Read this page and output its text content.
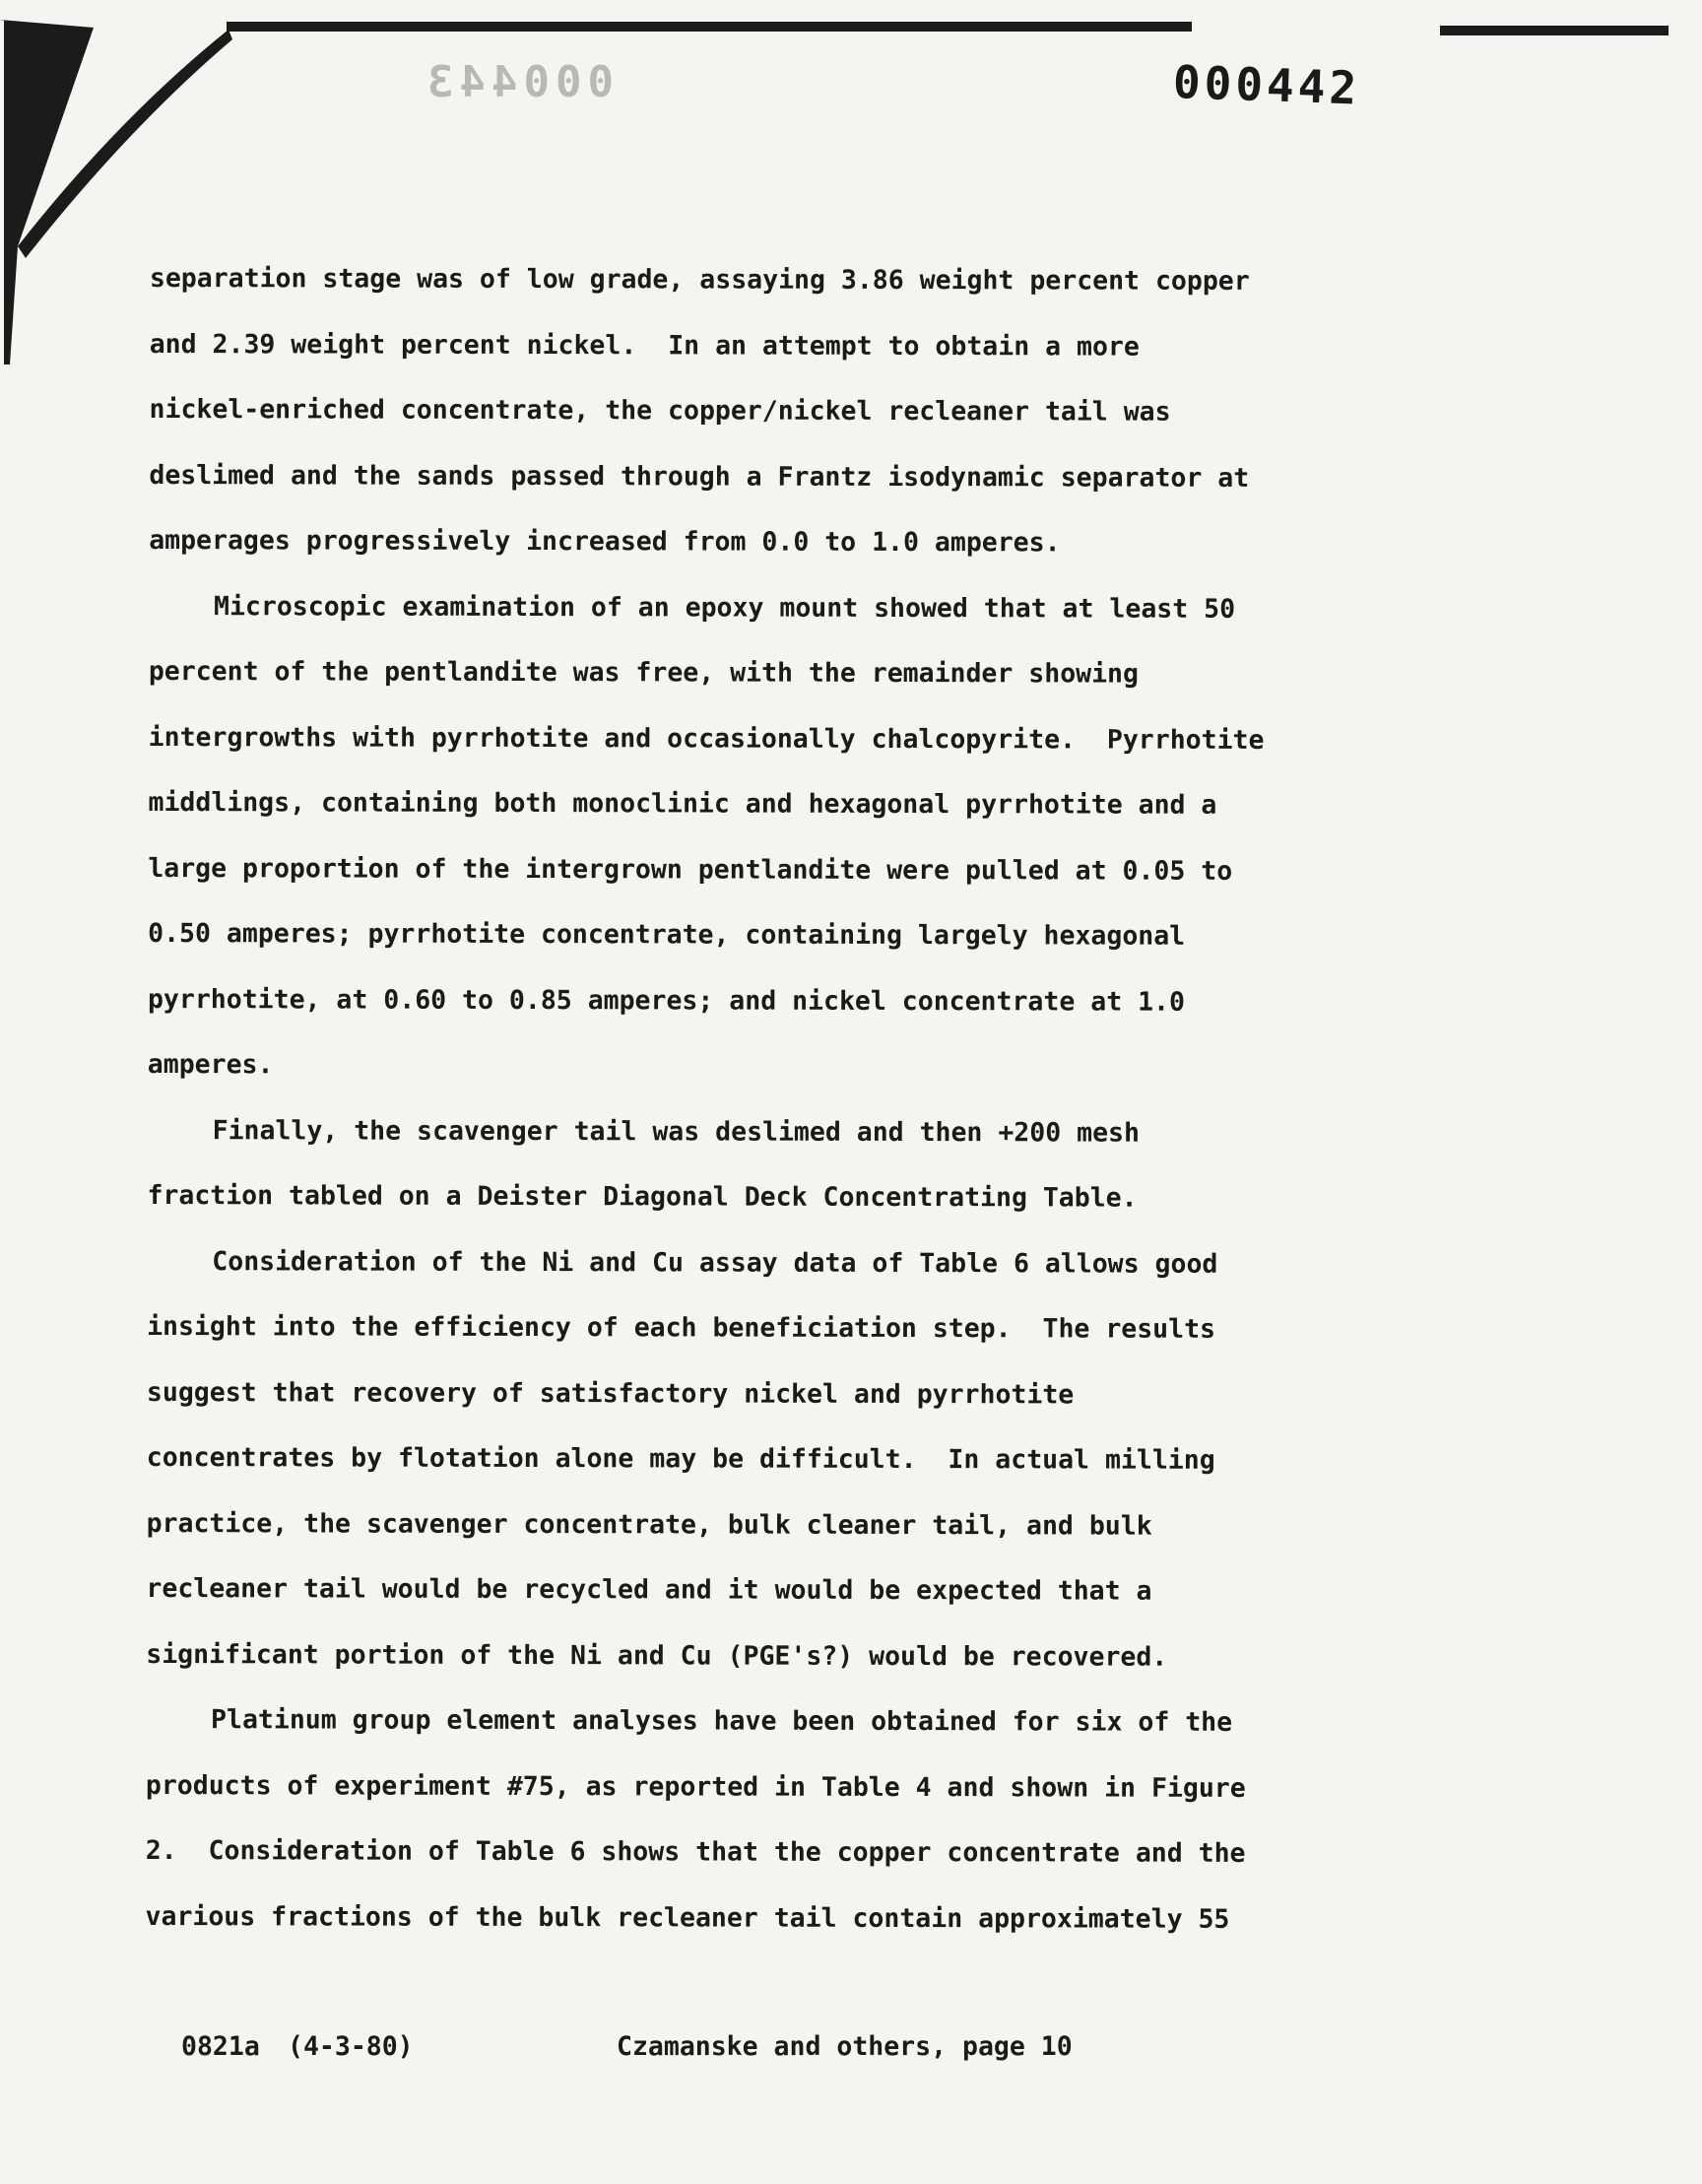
000443	000442

separation stage was of low grade, assaying 3.86 weight percent copper
and 2.39 weight percent nickel.  In an attempt to obtain a more
nickel-enriched concentrate, the copper/nickel recleaner tail was
deslimed and the sands passed through a Frantz isodynamic separator at
amperages progressively increased from 0.0 to 1.0 amperes.

Microscopic examination of an epoxy mount showed that at least 50
percent of the pentlandite was free, with the remainder showing
intergrowths with pyrrhotite and occasionally chalcopyrite.  Pyrrhotite
middlings, containing both monoclinic and hexagonal pyrrhotite and a
large proportion of the intergrown pentlandite were pulled at 0.05 to
0.50 amperes; pyrrhotite concentrate, containing largely hexagonal
pyrrhotite, at 0.60 to 0.85 amperes; and nickel concentrate at 1.0
amperes.

Finally, the scavenger tail was deslimed and then +200 mesh
fraction tabled on a Deister Diagonal Deck Concentrating Table.

Consideration of the Ni and Cu assay data of Table 6 allows good
insight into the efficiency of each beneficiation step.  The results
suggest that recovery of satisfactory nickel and pyrrhotite
concentrates by flotation alone may be difficult.  In actual milling
practice, the scavenger concentrate, bulk cleaner tail, and bulk
recleaner tail would be recycled and it would be expected that a
significant portion of the Ni and Cu (PGE's?) would be recovered.

Platinum group element analyses have been obtained for six of the
products of experiment #75, as reported in Table 4 and shown in Figure
2.  Consideration of Table 6 shows that the copper concentrate and the
various fractions of the bulk recleaner tail contain approximately 55

0821a

(4-3-80)

	Czamanske and others, page 10
